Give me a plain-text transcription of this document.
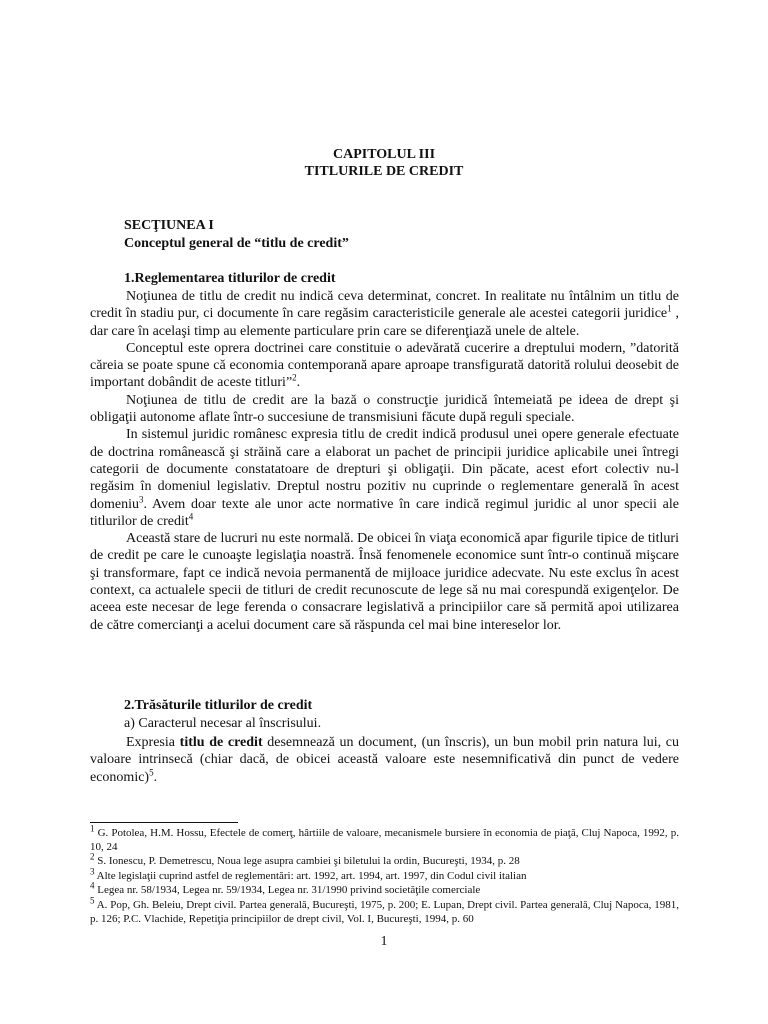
CAPITOLUL III
TITLURILE DE CREDIT
SECŢIUNEA I
Conceptul general de “titlu de credit”
1.Reglementarea titlurilor de credit

Noţiunea de titlu de credit nu indică ceva determinat, concret. In realitate nu întâlnim un titlu de credit în stadiu pur, ci documente în care regăsim caracteristicile generale ale acestei categorii juridice$^1$ , dar care în acelaşi timp au elemente particulare prin care se diferenţiază unele de altele.

Conceptul este oprera doctrinei care constituie o adevărată cucerire a dreptului modern, ”datorită căreia se poate spune că economia contemporană apare aproape transfigurată datorită rolului deosebit de important dobândit de aceste titluri”$^2$.

Noţiunea de titlu de credit are la bază o construcţie juridică întemeiată pe ideea de drept şi obligaţii autonome aflate într-o succesiune de transmisiuni făcute după reguli speciale.

In sistemul juridic românesc expresia titlu de credit indică produsul unei opere generale efectuate de doctrina românească şi străină care a elaborat un pachet de principii juridice aplicabile unei întregi categorii de documente constatatoare de drepturi şi obligaţii. Din păcate, acest efort colectiv nu-l regăsim în domeniul legislativ. Dreptul nostru pozitiv nu cuprinde o reglementare generală în acest domeniu$^3$. Avem doar texte ale unor acte normative în care indică regimul juridic al unor specii ale titlurilor de credit$^4$

Această stare de lucruri nu este normală. De obicei în viaţa economică apar figurile tipice de titluri de credit pe care le cunoaşte legislaţia noastră. Însă fenomenele economice sunt într-o continuă mişcare şi transformare, fapt ce indică nevoia permanentă de mijloace juridice adecvate. Nu este exclus în acest context, ca actualele specii de titluri de credit recunoscute de lege să nu mai corespundă exigenţelor. De aceea este necesar de lege ferenda o consacrare legislativă a principiilor care să permită apoi utilizarea de către comercianţi a acelui document care să răspunda cel mai bine intereselor lor.

2.Trăsăturile titlurilor de credit
a) Caracterul necesar al înscrisului.

Expresia titlu de credit desemnează un document, (un înscris), un bun mobil prin natura lui, cu valoare intrinsecă (chiar dacă, de obicei această valoare este nesemnificativă din punct de vedere economic)$^5$.

$^1$ G. Potolea, H.M. Hossu, Efectele de comerţ, hârtiile de valoare, mecanismele bursiere în economia de piaţă, Cluj Napoca, 1992, p. 10, 24

$^2$ S. Ionescu, P. Demetrescu, Noua lege asupra cambiei şi biletului la ordin, Bucureşti, 1934, p. 28

$^3$ Alte legislaţii cuprind astfel de reglementări: art. 1992, art. 1994, art. 1997, din Codul civil italian

$^4$ Legea nr. 58/1934, Legea nr. 59/1934, Legea nr. 31/1990 privind societăţile comerciale

$^5$ A. Pop, Gh. Beleiu, Drept civil. Partea generală, Bucureşti, 1975, p. 200; E. Lupan, Drept civil. Partea generală, Cluj Napoca, 1981, p. 126; P.C. Vlachide, Repetiţia principiilor de drept civil, Vol. I, Bucureşti, 1994, p. 60

1
